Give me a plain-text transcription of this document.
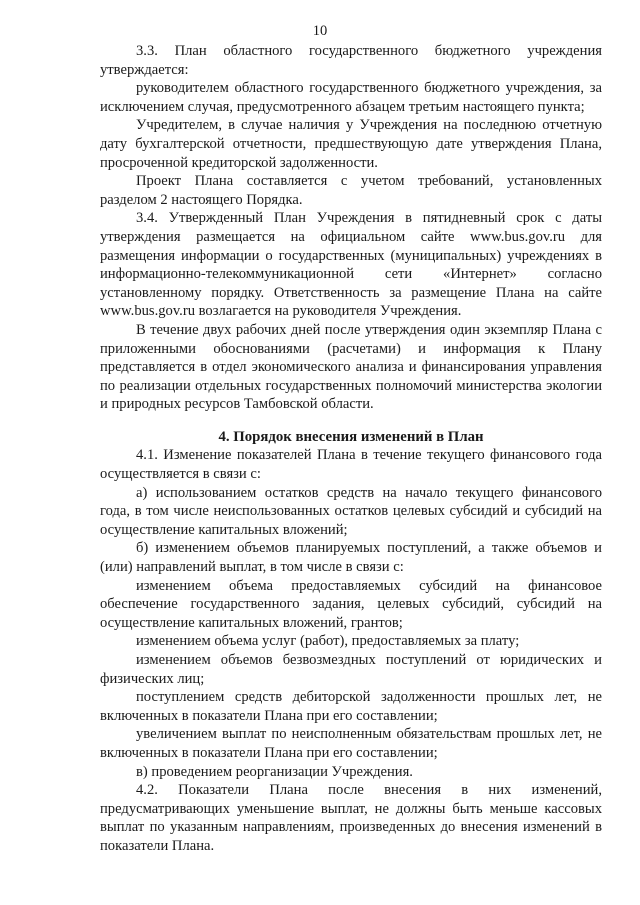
10

3.3. План областного государственного бюджетного учреждения утверждается:

руководителем областного государственного бюджетного учреждения, за исключением случая, предусмотренного абзацем третьим настоящего пункта;

Учредителем, в случае наличия у Учреждения на последнюю отчетную дату бухгалтерской отчетности, предшествующую дате утверждения Плана, просроченной кредиторской задолженности.

Проект Плана составляется с учетом требований, установленных разделом 2 настоящего Порядка.

3.4. Утвержденный План Учреждения в пятидневный срок с даты утверждения размещается на официальном сайте www.bus.gov.ru для размещения информации о государственных (муниципальных) учреждениях в информационно-телекоммуникационной сети «Интернет» согласно установленному порядку. Ответственность за размещение Плана на сайте www.bus.gov.ru возлагается на руководителя Учреждения.

В течение двух рабочих дней после утверждения один экземпляр Плана с приложенными обоснованиями (расчетами) и информация к Плану представляется в отдел экономического анализа и финансирования управления по реализации отдельных государственных полномочий министерства экологии и природных ресурсов Тамбовской области.

4. Порядок внесения изменений в План

4.1. Изменение показателей Плана в течение текущего финансового года осуществляется в связи с:

а) использованием остатков средств на начало текущего финансового года, в том числе неиспользованных остатков целевых субсидий и субсидий на осуществление капитальных вложений;

б) изменением объемов планируемых поступлений, а также объемов и (или) направлений выплат, в том числе в связи с:

изменением объема предоставляемых субсидий на финансовое обеспечение государственного задания, целевых субсидий, субсидий на осуществление капитальных вложений, грантов;

изменением объема услуг (работ), предоставляемых за плату;

изменением объемов безвозмездных поступлений от юридических и физических лиц;

поступлением средств дебиторской задолженности прошлых лет, не включенных в показатели Плана при его составлении;

увеличением выплат по неисполненным обязательствам прошлых лет, не включенных в показатели Плана при его составлении;

в) проведением реорганизации Учреждения.

4.2. Показатели Плана после внесения в них изменений, предусматривающих уменьшение выплат, не должны быть меньше кассовых выплат по указанным направлениям, произведенных до внесения изменений в показатели Плана.
